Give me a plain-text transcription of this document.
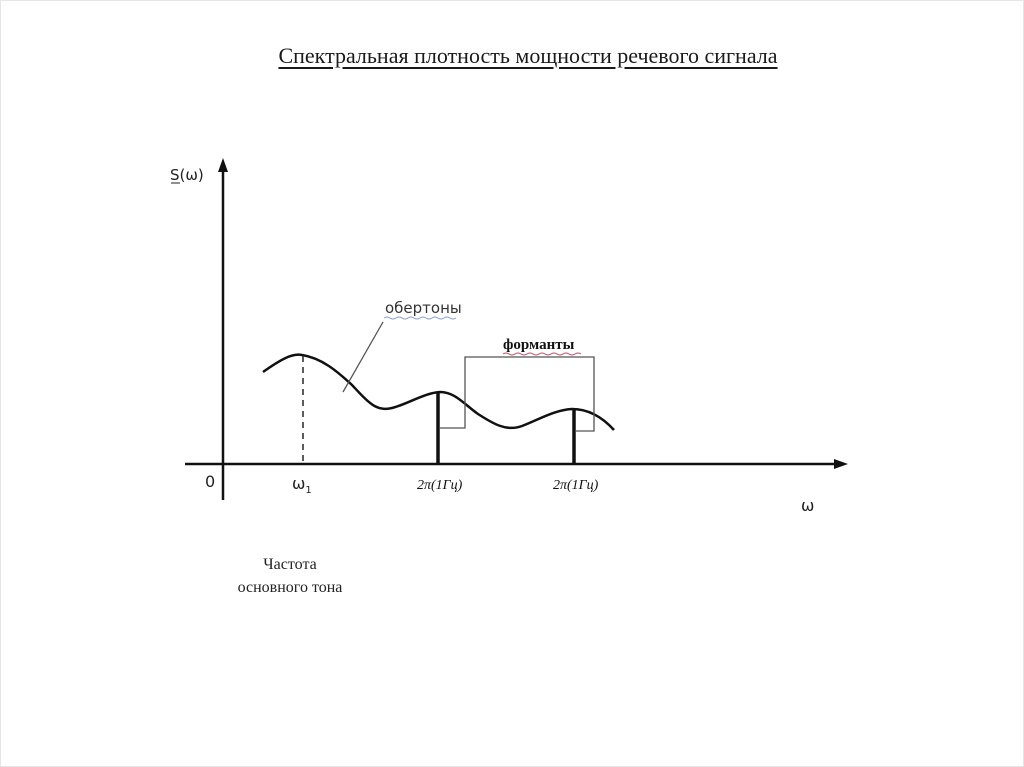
Спектральная плотность мощности речевого сигнала
S(ω)
0
ω
обертоны
форманты
$\omega_1$	2π(1Гц)	2π(1Гц)
Частота основного тона
